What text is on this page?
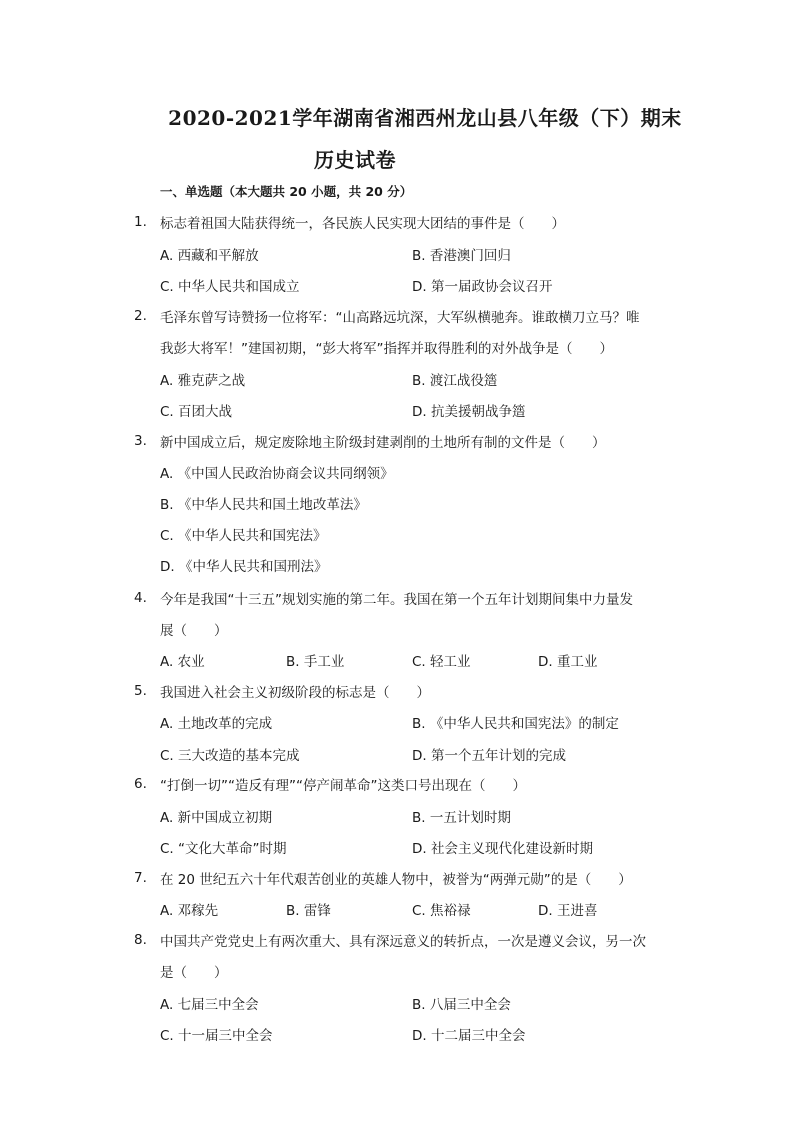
2020-2021学年湖南省湘西州龙山县八年级（下）期末
历史试卷
一、单选题（本大题共 20 小题，共 20 分）
1. 标志着祖国大陆获得统一，各民族人民实现大团结的事件是（　　）
A. 西藏和平解放	B. 香港澳门回归
C. 中华人民共和国成立	D. 第一届政协会议召开
2. 毛泽东曾写诗赞扬一位将军：“山高路远坑深，大军纵横驰奔。谁敢横刀立马？唯
我彭大将军！”建国初期，“彭大将军”指挥并取得胜利的对外战争是（　　）
A. 雅克萨之战	B. 渡江战役簉
C. 百团大战	D. 抗美援朝战争簉
3. 新中国成立后，规定废除地主阶级封建剥削的土地所有制的文件是（　　）
A. 《中国人民政治协商会议共同纲领》
B. 《中华人民共和国土地改革法》
C. 《中华人民共和国宪法》
D. 《中华人民共和国刑法》
4. 今年是我国“十三五”规划实施的第二年。我国在第一个五年计划期间集中力量发
展（　　）
A. 农业	B. 手工业	C. 轻工业	D. 重工业
5. 我国进入社会主义初级阶段的标志是（　　）
A. 土地改革的完成	B. 《中华人民共和国宪法》的制定
C. 三大改造的基本完成	D. 第一个五年计划的完成
6. “打倒一切”“造反有理”“停产闹革命”这类口号出现在（　　）
A. 新中国成立初期	B. 一五计划时期
C. “文化大革命”时期	D. 社会主义现代化建设新时期
7. 在 20 世纪五六十年代艰苦创业的英雄人物中，被誉为“两弹元勋”的是（　　）
A. 邓稼先	B. 雷锋	C. 焦裕禄	D. 王进喜
8. 中国共产党党史上有两次重大、具有深远意义的转折点，一次是遵义会议，另一次
是（　　）
A. 七届三中全会	B. 八届三中全会
C. 十一届三中全会	D. 十二届三中全会
